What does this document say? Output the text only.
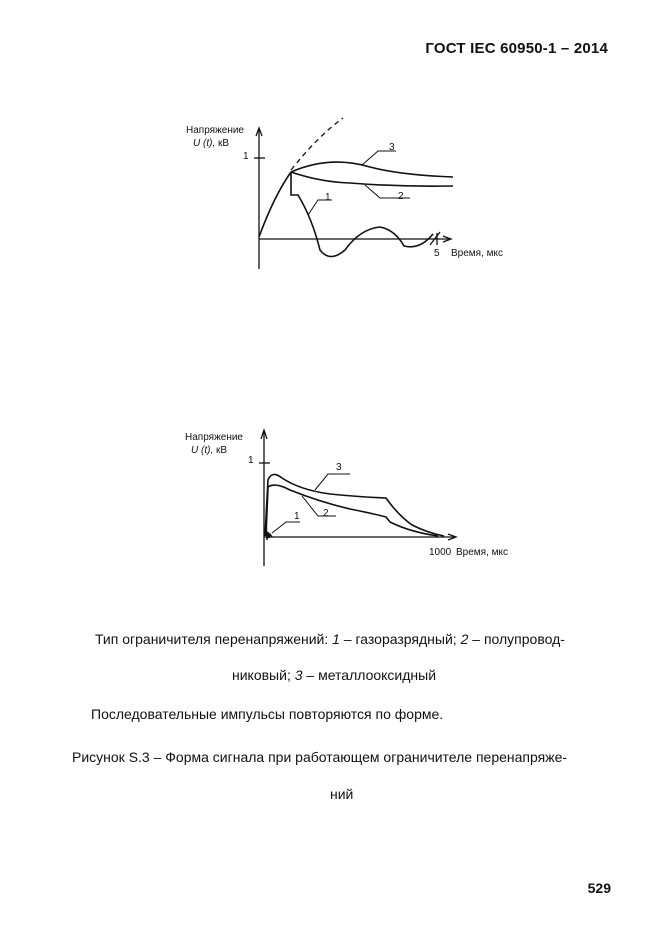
ГОСТ IEC 60950-1 – 2014
Напряжение
U (t), кВ
1
5 Время, мкс
3
2
1
Напряжение
U (t), кВ
1
1000 Время, мкс
3
2
1
Тип ограничителя перенапряжений: 1 – газоразрядный; 2 – полупровод-
никовый; 3 – металлооксидный
Последовательные импульсы повторяются по форме.
Рисунок S.3 – Форма сигнала при работающем ограничителе перенапряже-
ний
529
